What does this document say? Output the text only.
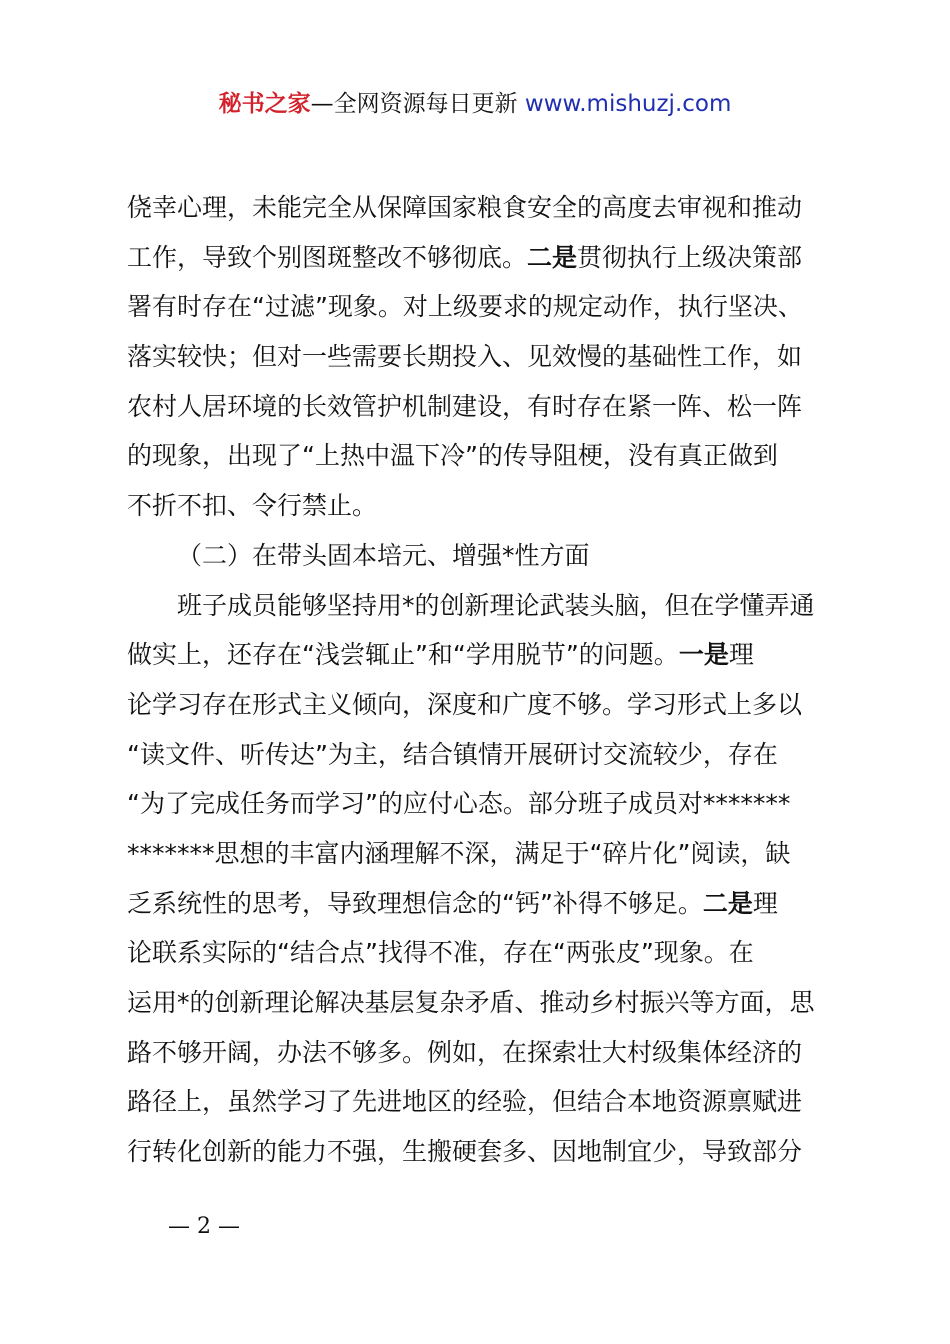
秘书之家—全网资源每日更新 www.mishuzj.com
侥幸心理，未能完全从保障国家粮食安全的高度去审视和推动
工作，导致个别图斑整改不够彻底。二是贯彻执行上级决策部
署有时存在“过滤”现象。对上级要求的规定动作，执行坚决、
落实较快；但对一些需要长期投入、见效慢的基础性工作，如
农村人居环境的长效管护机制建设，有时存在紧一阵、松一阵
的现象，出现了“上热中温下冷”的传导阻梗，没有真正做到
不折不扣、令行禁止。
（二）在带头固本培元、增强*性方面
班子成员能够坚持用*的创新理论武装头脑，但在学懂弄通
做实上，还存在“浅尝辄止”和“学用脱节”的问题。一是理
论学习存在形式主义倾向，深度和广度不够。学习形式上多以
“读文件、听传达”为主，结合镇情开展研讨交流较少，存在
“为了完成任务而学习”的应付心态。部分班子成员对*******
*******思想的丰富内涵理解不深，满足于“碎片化”阅读，缺
乏系统性的思考，导致理想信念的“钙”补得不够足。二是理
论联系实际的“结合点”找得不准，存在“两张皮”现象。在
运用*的创新理论解决基层复杂矛盾、推动乡村振兴等方面，思
路不够开阔，办法不够多。例如，在探索壮大村级集体经济的
路径上，虽然学习了先进地区的经验，但结合本地资源禀赋进
行转化创新的能力不强，生搬硬套多、因地制宜少，导致部分
— 2 —
